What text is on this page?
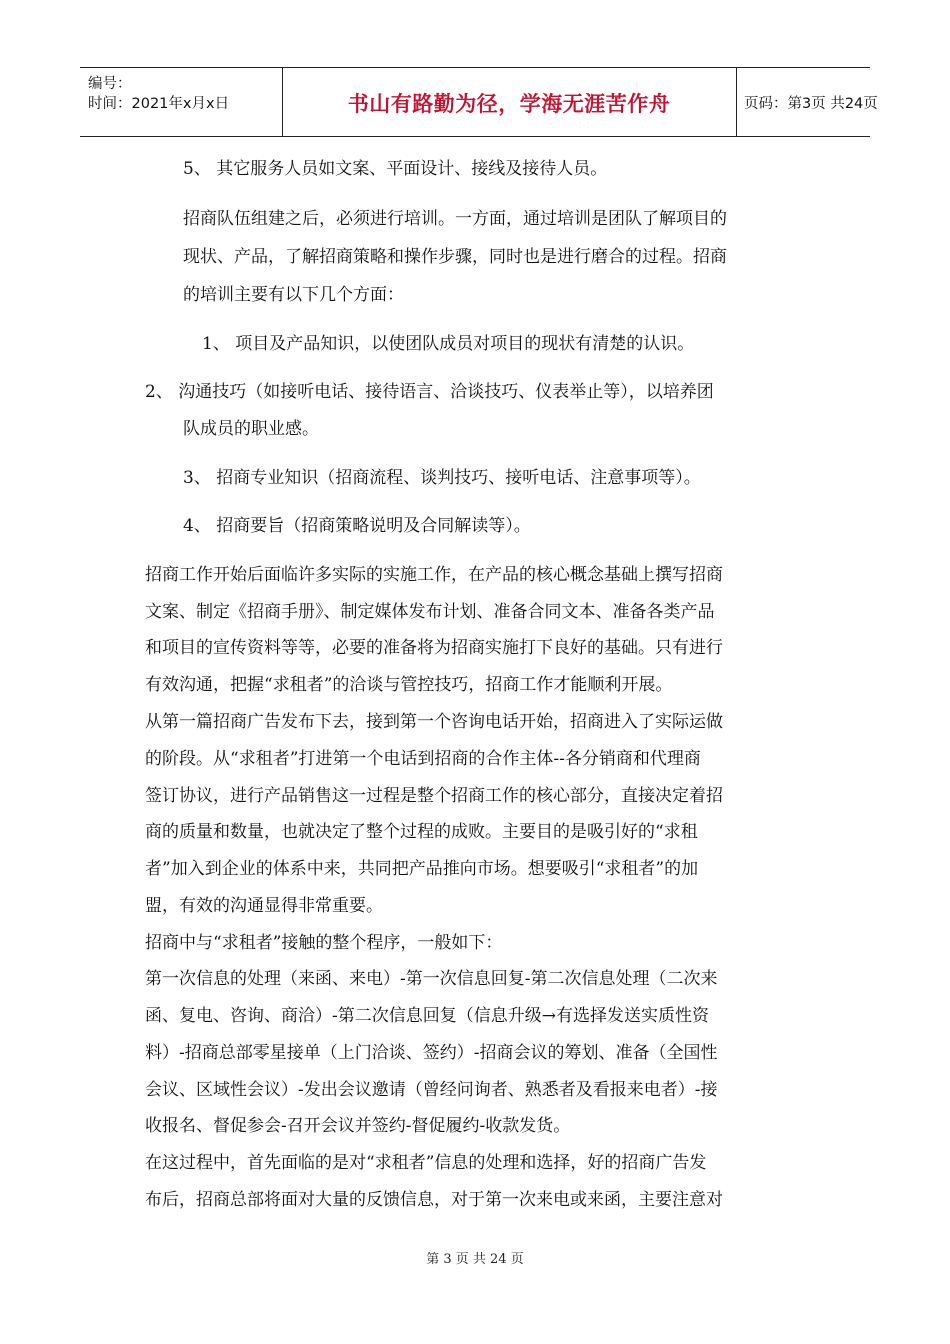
编号：
时间：2021年x月x日	书山有路勤为径，学海无涯苦作舟	页码：第3页 共24页
5、 其它服务人员如文案、平面设计、接线及接待人员。
招商队伍组建之后，必须进行培训。一方面，通过培训是团队了解项目的
现状、产品，了解招商策略和操作步骤，同时也是进行磨合的过程。招商
的培训主要有以下几个方面：
1、 项目及产品知识，以使团队成员对项目的现状有清楚的认识。
2、 沟通技巧（如接听电话、接待语言、洽谈技巧、仪表举止等），以培养团
队成员的职业感。
3、 招商专业知识（招商流程、谈判技巧、接听电话、注意事项等）。
4、 招商要旨（招商策略说明及合同解读等）。
招商工作开始后面临许多实际的实施工作，在产品的核心概念基础上撰写招商
文案、制定《招商手册》、制定媒体发布计划、准备合同文本、准备各类产品
和项目的宣传资料等等，必要的准备将为招商实施打下良好的基础。只有进行
有效沟通，把握“求租者”的洽谈与管控技巧，招商工作才能顺利开展。
从第一篇招商广告发布下去，接到第一个咨询电话开始，招商进入了实际运做
的阶段。从“求租者”打进第一个电话到招商的合作主体--各分销商和代理商
签订协议，进行产品销售这一过程是整个招商工作的核心部分，直接决定着招
商的质量和数量，也就决定了整个过程的成败。主要目的是吸引好的“求租
者”加入到企业的体系中来，共同把产品推向市场。想要吸引“求租者”的加
盟，有效的沟通显得非常重要。
招商中与“求租者”接触的整个程序，一般如下：
第一次信息的处理（来函、来电）-第一次信息回复-第二次信息处理（二次来
函、复电、咨询、商洽）-第二次信息回复（信息升级→有选择发送实质性资
料）-招商总部零星接单（上门洽谈、签约）-招商会议的筹划、准备（全国性
会议、区域性会议）-发出会议邀请（曾经问询者、熟悉者及看报来电者）-接
收报名、督促参会-召开会议并签约-督促履约-收款发货。
在这过程中，首先面临的是对“求租者”信息的处理和选择，好的招商广告发
布后，招商总部将面对大量的反馈信息，对于第一次来电或来函，主要注意对
第 3 页 共 24 页
